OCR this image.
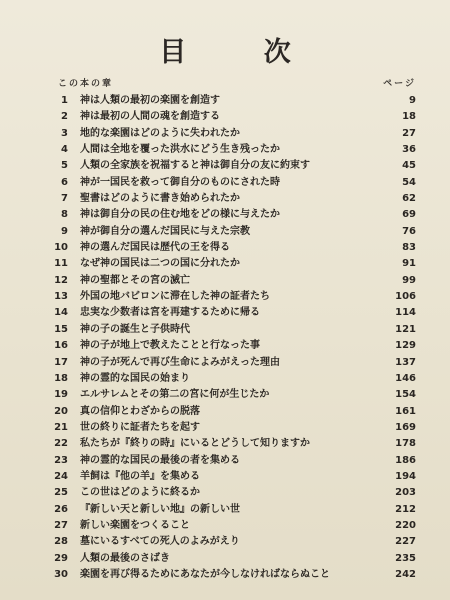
目 次
この本の章	ページ
1 神は人類の最初の楽園を創造す	9
2 神は最初の人間の魂を創造する	18
3 地的な楽園はどのように失われたか	27
4 人間は全地を覆った洪水にどう生き残ったか	36
5 人類の全家族を祝福すると神は御自分の友に約束す	45
6 神が一国民を救って御自分のものにされた時	54
7 聖書はどのように書き始められたか	62
8 神は御自分の民の住む地をどの様に与えたか	69
9 神が御自分の選んだ国民に与えた宗教	76
10 神の選んだ国民は歴代の王を得る	83
11 なぜ神の国民は二つの国に分れたか	91
12 神の聖都とその宮の滅亡	99
13 外国の地バビロンに滞在した神の証者たち	106
14 忠実な少数者は宮を再建するために帰る	114
15 神の子の誕生と子供時代	121
16 神の子が地上で教えたことと行なった事	129
17 神の子が死んで再び生命によみがえった理由	137
18 神の霊的な国民の始まり	146
19 エルサレムとその第二の宮に何が生じたか	154
20 真の信仰とわざからの脱落	161
21 世の終りに証者たちを起す	169
22 私たちが『終りの時』にいるとどうして知りますか	178
23 神の霊的な国民の最後の者を集める	186
24 羊飼は『他の羊』を集める	194
25 この世はどのように終るか	203
26 『新しい天と新しい地』の新しい世	212
27 新しい楽園をつくること	220
28 墓にいるすべての死人のよみがえり	227
29 人類の最後のさばき	235
30 楽園を再び得るためにあなたが今しなければならぬこと	242
